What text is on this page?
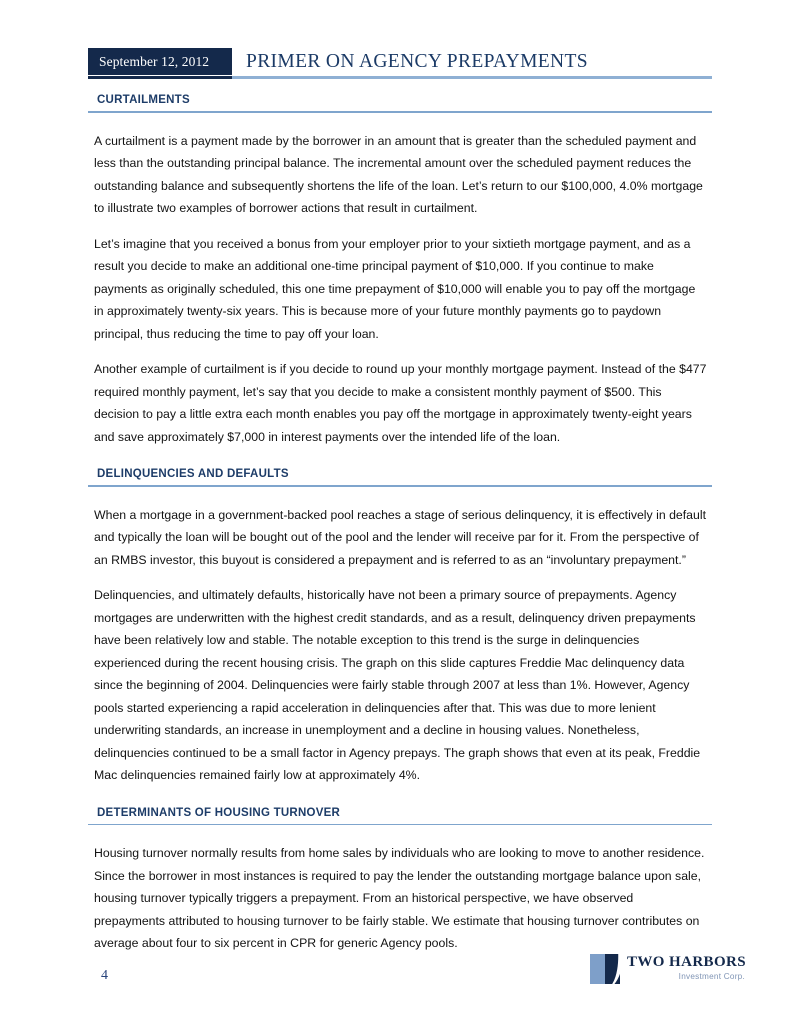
September 12, 2012	PRIMER ON AGENCY PREPAYMENTS
CURTAILMENTS

A curtailment is a payment made by the borrower in an amount that is greater than the scheduled payment and less than the outstanding principal balance. The incremental amount over the scheduled payment reduces the outstanding balance and subsequently shortens the life of the loan. Let’s return to our $100,000, 4.0% mortgage to illustrate two examples of borrower actions that result in curtailment.

Let’s imagine that you received a bonus from your employer prior to your sixtieth mortgage payment, and as a result you decide to make an additional one-time principal payment of $10,000. If you continue to make payments as originally scheduled, this one time prepayment of $10,000 will enable you to pay off the mortgage in approximately twenty-six years. This is because more of your future monthly payments go to paydown principal, thus reducing the time to pay off your loan.

Another example of curtailment is if you decide to round up your monthly mortgage payment. Instead of the $477 required monthly payment, let’s say that you decide to make a consistent monthly payment of $500. This decision to pay a little extra each month enables you pay off the mortgage in approximately twenty-eight years and save approximately $7,000 in interest payments over the intended life of the loan.

DELINQUENCIES AND DEFAULTS

When a mortgage in a government-backed pool reaches a stage of serious delinquency, it is effectively in default and typically the loan will be bought out of the pool and the lender will receive par for it. From the perspective of an RMBS investor, this buyout is considered a prepayment and is referred to as an “involuntary prepayment.”

Delinquencies, and ultimately defaults, historically have not been a primary source of prepayments. Agency mortgages are underwritten with the highest credit standards, and as a result, delinquency driven prepayments have been relatively low and stable. The notable exception to this trend is the surge in delinquencies experienced during the recent housing crisis. The graph on this slide captures Freddie Mac delinquency data since the beginning of 2004. Delinquencies were fairly stable through 2007 at less than 1%. However, Agency pools started experiencing a rapid acceleration in delinquencies after that. This was due to more lenient underwriting standards, an increase in unemployment and a decline in housing values. Nonetheless, delinquencies continued to be a small factor in Agency prepays. The graph shows that even at its peak, Freddie Mac delinquencies remained fairly low at approximately 4%.

DETERMINANTS OF HOUSING TURNOVER

Housing turnover normally results from home sales by individuals who are looking to move to another residence. Since the borrower in most instances is required to pay the lender the outstanding mortgage balance upon sale, housing turnover typically triggers a prepayment. From an historical perspective, we have observed prepayments attributed to housing turnover to be fairly stable. We estimate that housing turnover contributes on average about four to six percent in CPR for generic Agency pools.

4
TWO HARBORS
Investment Corp.
